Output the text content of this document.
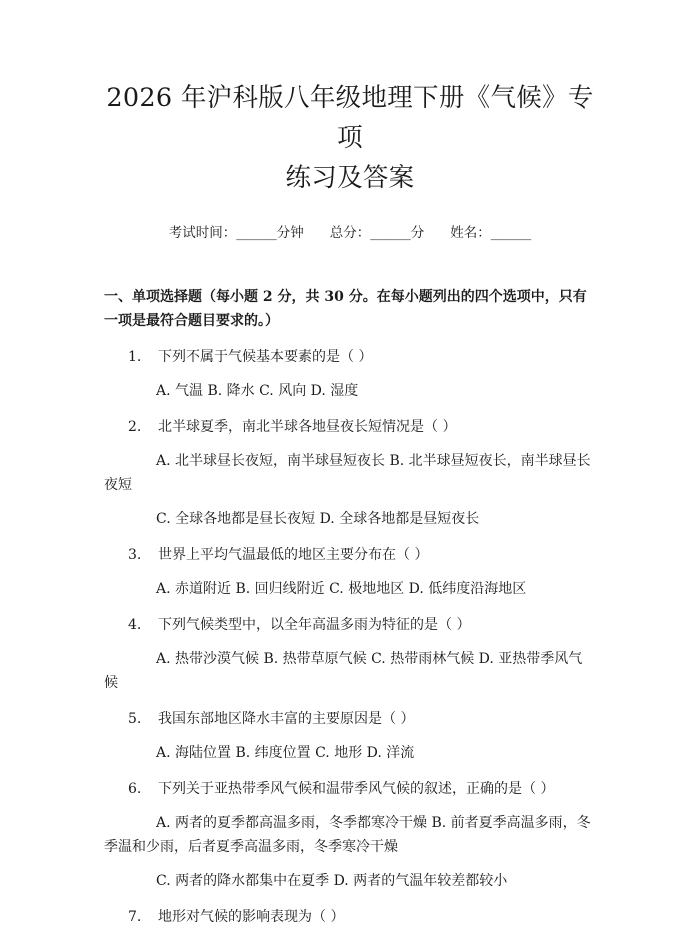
2026 年沪科版八年级地理下册《气候》专项
练习及答案
考试时间：______分钟 总分：______分 姓名：______
一、单项选择题（每小题 2 分，共 30 分。在每小题列出的四个选项中，只有一项是最符合题目要求的。）
1. 下列不属于气候基本要素的是（ ）
A. 气温 B. 降水 C. 风向 D. 湿度
2. 北半球夏季，南北半球各地昼夜长短情况是（ ）
A. 北半球昼长夜短，南半球昼短夜长 B. 北半球昼短夜长，南半球昼长夜短
C. 全球各地都是昼长夜短 D. 全球各地都是昼短夜长
3. 世界上平均气温最低的地区主要分布在（ ）
A. 赤道附近 B. 回归线附近 C. 极地地区 D. 低纬度沿海地区
4. 下列气候类型中，以全年高温多雨为特征的是（ ）
A. 热带沙漠气候 B. 热带草原气候 C. 热带雨林气候 D. 亚热带季风气候
5. 我国东部地区降水丰富的主要原因是（ ）
A. 海陆位置 B. 纬度位置 C. 地形 D. 洋流
6. 下列关于亚热带季风气候和温带季风气候的叙述，正确的是（ ）
A. 两者的夏季都高温多雨，冬季都寒冷干燥 B. 前者夏季高温多雨，冬季温和少雨，后者夏季高温多雨，冬季寒冷干燥
C. 两者的降水都集中在夏季 D. 两者的气温年较差都较小
7. 地形对气候的影响表现为（ ）
